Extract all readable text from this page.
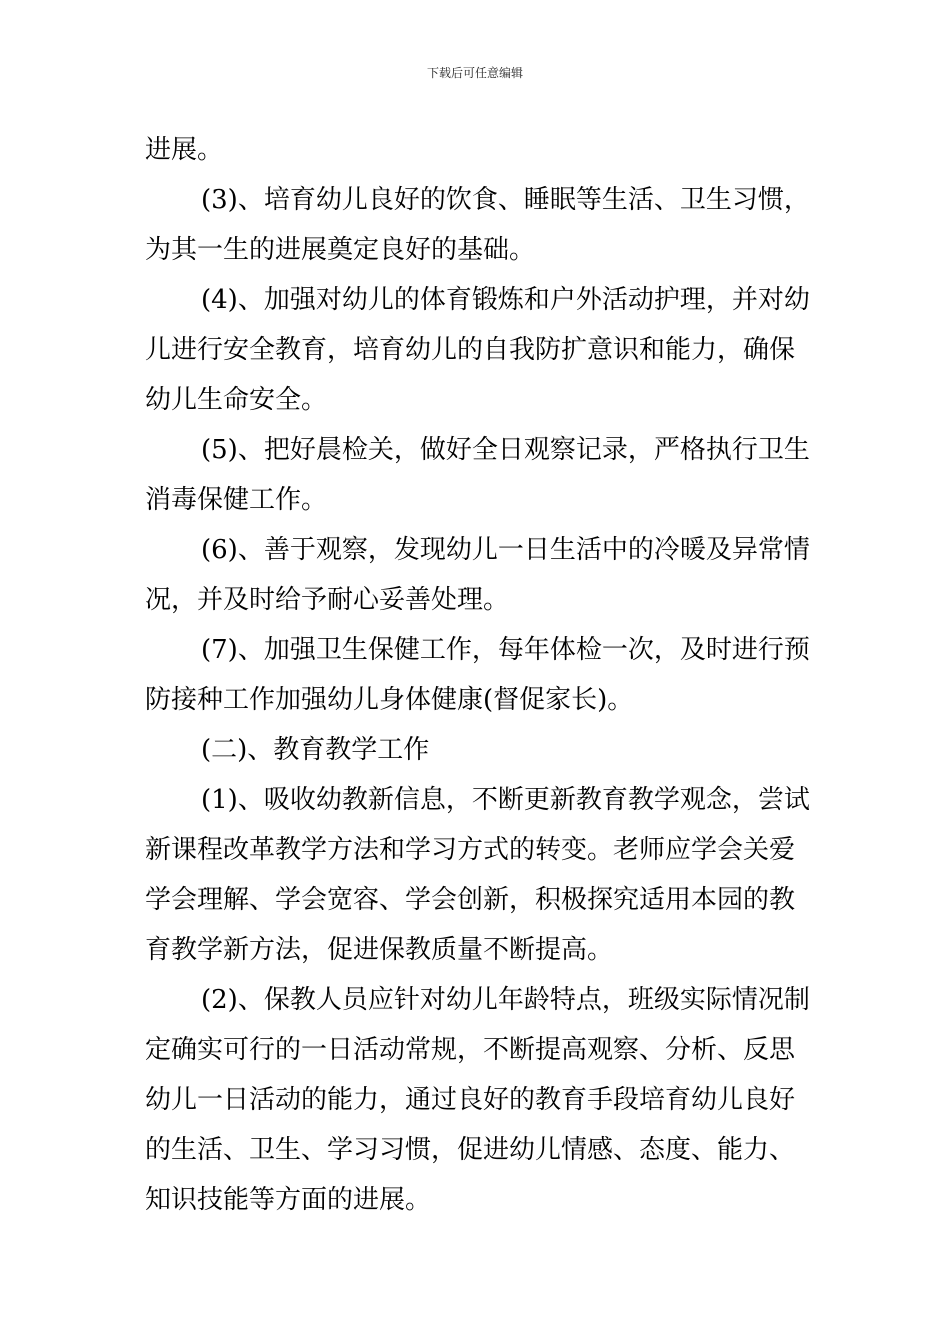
下载后可任意编辑
进展。
(3)、培育幼儿良好的饮食、睡眠等生活、卫生习惯，
为其一生的进展奠定良好的基础。
(4)、加强对幼儿的体育锻炼和户外活动护理，并对幼
儿进行安全教育，培育幼儿的自我防扩意识和能力，确保
幼儿生命安全。
(5)、把好晨检关，做好全日观察记录，严格执行卫生
消毒保健工作。
(6)、善于观察，发现幼儿一日生活中的冷暖及异常情
况，并及时给予耐心妥善处理。
(7)、加强卫生保健工作，每年体检一次，及时进行预
防接种工作加强幼儿身体健康(督促家长)。
(二)、教育教学工作
(1)、吸收幼教新信息，不断更新教育教学观念，尝试
新课程改革教学方法和学习方式的转变。老师应学会关爱
学会理解、学会宽容、学会创新，积极探究适用本园的教
育教学新方法，促进保教质量不断提高。
(2)、保教人员应针对幼儿年龄特点，班级实际情况制
定确实可行的一日活动常规，不断提高观察、分析、反思
幼儿一日活动的能力，通过良好的教育手段培育幼儿良好
的生活、卫生、学习习惯，促进幼儿情感、态度、能力、
知识技能等方面的进展。
